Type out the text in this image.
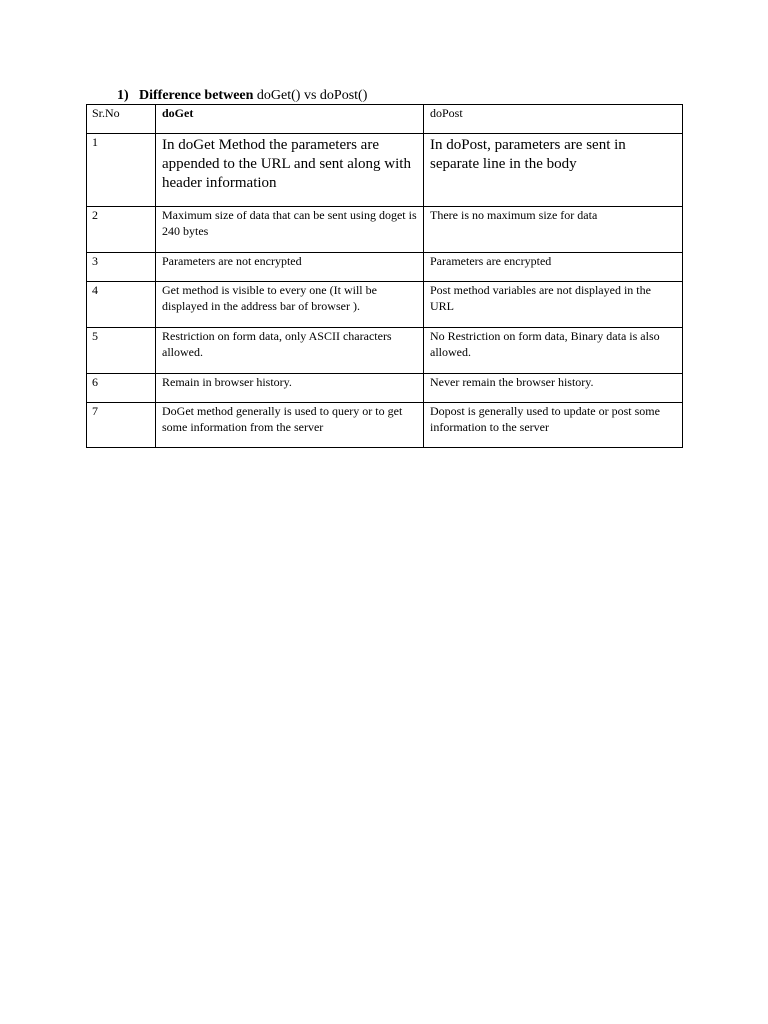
1) Difference between doGet() vs doPost()
Sr.No	doGet	doPost
1	In doGet Method the parameters are appended to the URL and sent along with header information	In doPost, parameters are sent in separate line in the body
2	Maximum size of data that can be sent using doget is 240 bytes	There is no maximum size for data
3	Parameters are not encrypted	Parameters are encrypted
4	Get method is visible to every one (It will be displayed in the address bar of browser ).	Post method variables are not displayed in the URL
5	Restriction on form data, only ASCII characters allowed.	No Restriction on form data, Binary data is also allowed.
6	Remain in browser history.	Never remain the browser history.
7	DoGet method generally is used to query or to get some information from the server	Dopost is generally used to update or post some information to the server
